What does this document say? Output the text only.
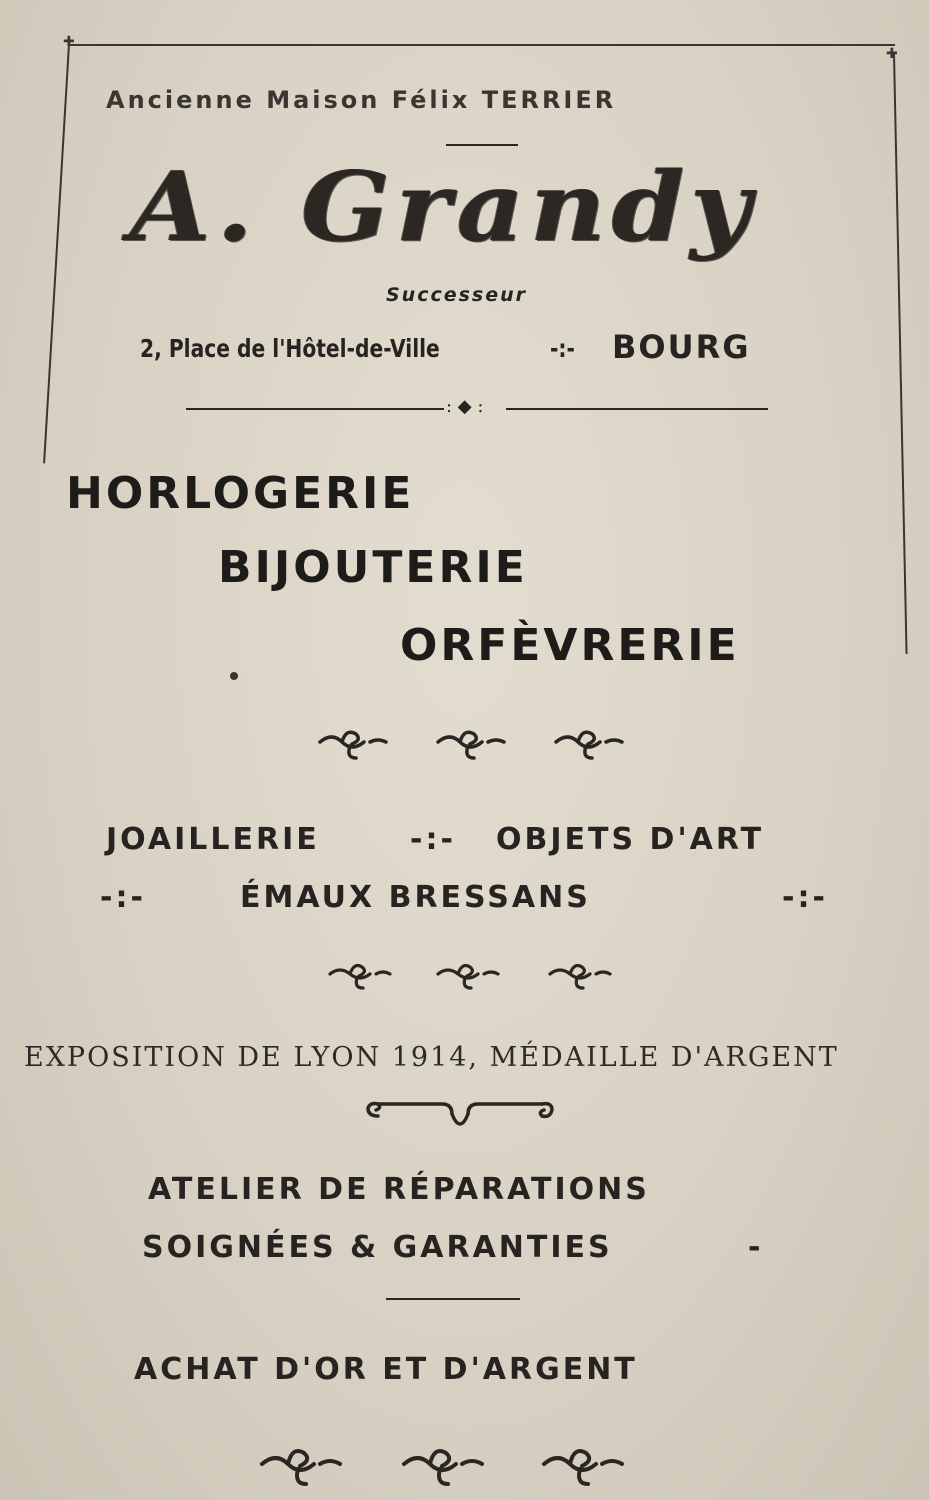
✚
✚
Ancienne Maison Félix TERRIER
A. Grandy
Successeur
2, Place de l'Hôtel-de-Ville	-:- BOURG
: ◆ :
HORLOGERIE
BIJOUTERIE
ORFÈVRERIE
JOAILLERIE	-:- OBJETS D'ART
-:-	ÉMAUX BRESSANS	-:-
EXPOSITION DE LYON 1914, MÉDAILLE D'ARGENT
ATELIER DE RÉPARATIONS
SOIGNÉES & GARANTIES	-
ACHAT D'OR ET D'ARGENT
